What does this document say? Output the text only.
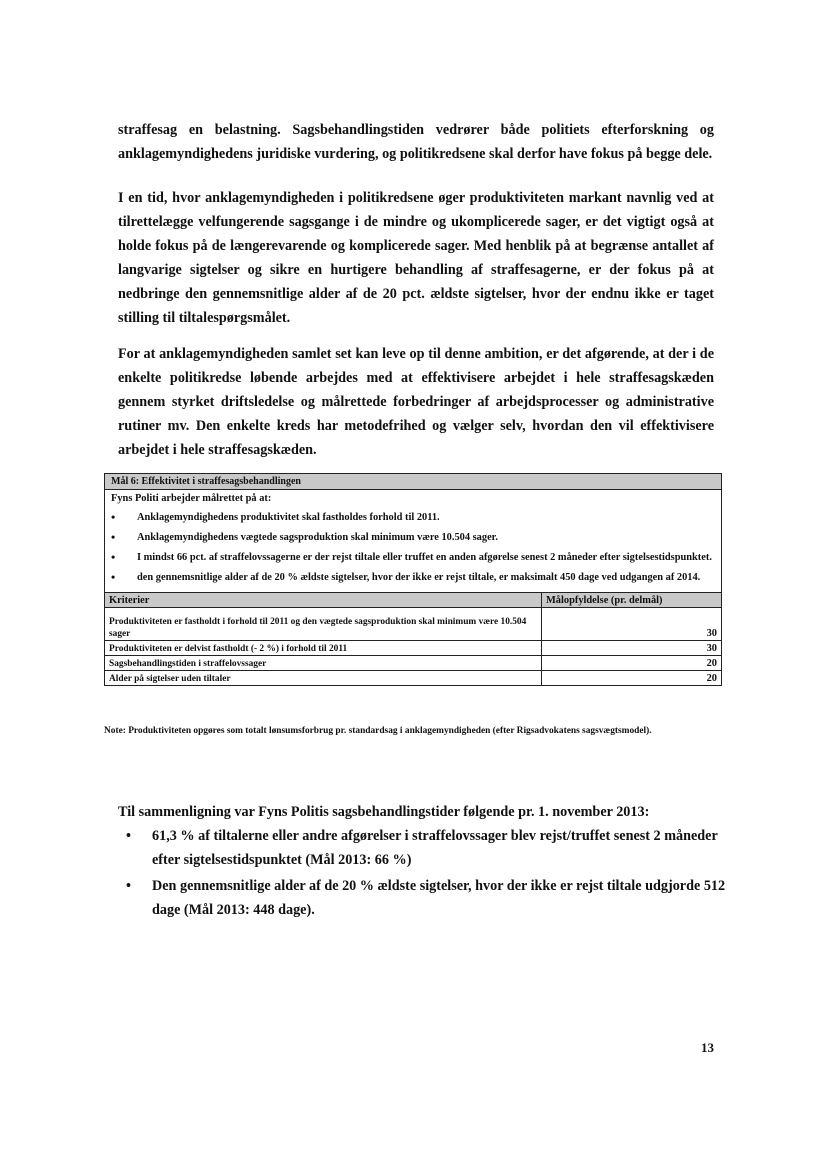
straffesag en belastning. Sagsbehandlingstiden vedrører både politiets efterforskning og anklagemyndighedens juridiske vurdering, og politikredsene skal derfor have fokus på begge dele.

I en tid, hvor anklagemyndigheden i politikredsene øger produktiviteten markant navnlig ved at tilrettelægge velfungerende sagsgange i de mindre og ukomplicerede sager, er det vigtigt også at holde fokus på de længerevarende og komplicerede sager. Med henblik på at begrænse antallet af langvarige sigtelser og sikre en hurtigere behandling af straffesagerne, er der fokus på at nedbringe den gennemsnitlige alder af de 20 pct. ældste sigtelser, hvor der endnu ikke er taget stilling til tiltalespørgsmålet.

For at anklagemyndigheden samlet set kan leve op til denne ambition, er det afgørende, at der i de enkelte politikredse løbende arbejdes med at effektivisere arbejdet i hele straffesagskæden gennem styrket driftsledelse og målrettede forbedringer af arbejdsprocesser og administrative rutiner mv. Den enkelte kreds har metodefrihed og vælger selv, hvordan den vil effektivisere arbejdet i hele straffesagskæden.

Mål 6: Effektivitet i straffesagsbehandlingen

Fyns Politi arbejder målrettet på at:

• Anklagemyndighedens produktivitet skal fastholdes forhold til 2011.
• Anklagemyndighedens vægtede sagsproduktion skal minimum være 10.504 sager.
• I mindst 66 pct. af straffelovssagerne er der rejst tiltale eller truffet en anden afgørelse senest 2 måneder efter sigtelsestidspunktet.
• den gennemsnitlige alder af de 20 % ældste sigtelser, hvor der ikke er rejst tiltale, er maksimalt 450 dage ved udgangen af 2014.
Kriterier	Målopfyldelse (pr. delmål)
Produktiviteten er fastholdt i forhold til 2011 og den vægtede sagsproduktion skal minimum være 10.504 sager	30
Produktiviteten er delvist fastholdt (- 2 %) i forhold til 2011	30
Sagsbehandlingstiden i straffelovssager	20
Alder på sigtelser uden tiltaler	20

Note: Produktiviteten opgøres som totalt lønsumsforbrug pr. standardsag i anklagemyndigheden (efter Rigsadvokatens sagsvægtsmodel).

Til sammenligning var Fyns Politis sagsbehandlingstider følgende pr. 1. november 2013:

• 61,3 % af tiltalerne eller andre afgørelser i straffelovssager blev rejst/truffet senest 2 måneder efter sigtelsestidspunktet (Mål 2013: 66 %)
• Den gennemsnitlige alder af de 20 % ældste sigtelser, hvor der ikke er rejst tiltale udgjorde 512 dage (Mål 2013: 448 dage).
13
